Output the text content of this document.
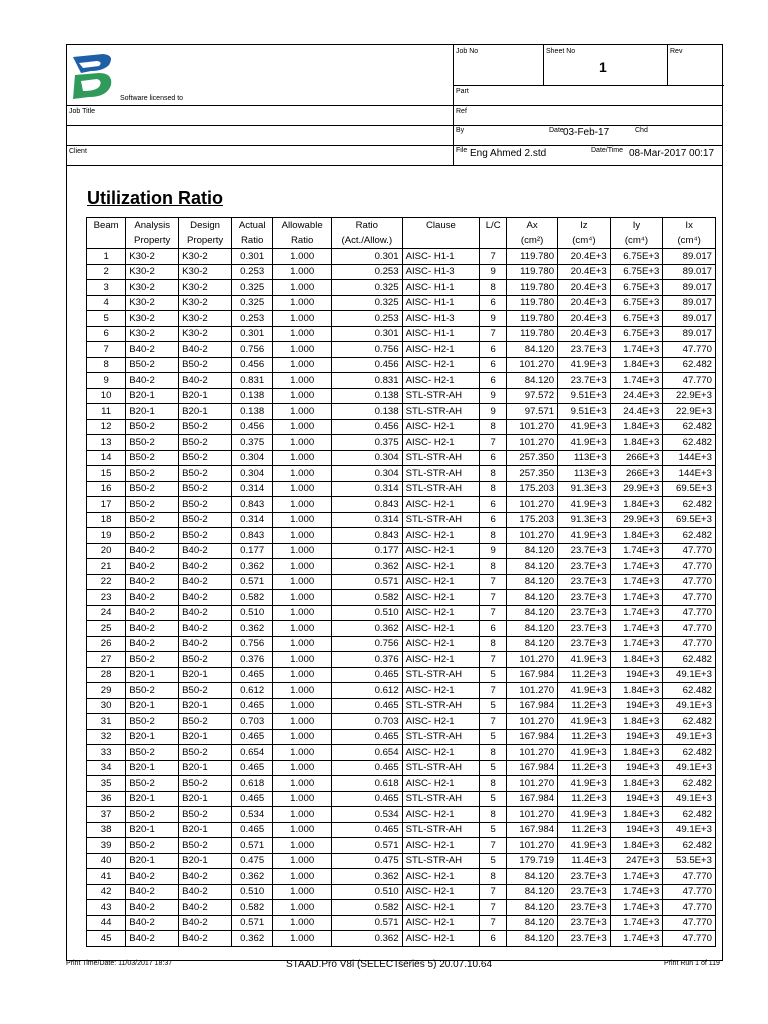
Software licensed to
Job Title
Client
Job No	Sheet No
1
Rev
Part
Ref
By	Date 03-Feb-17	Chd
File Eng Ahmed 2.std	Date/Time 08-Mar-2017 00:17
Utilization Ratio
Beam	Analysis	Design	Actual	Allowable	Ratio	Clause	L/C	Ax	Iz	Iy	Ix
	Property	Property	Ratio	Ratio	(Act./Allow.)			(cm²)	(cm⁴)	(cm⁴)	(cm⁴)
1	K30-2	K30-2	0.301	1.000	0.301	AISC- H1-1	7	119.780	20.4E+3	6.75E+3	89.017
2	K30-2	K30-2	0.253	1.000	0.253	AISC- H1-3	9	119.780	20.4E+3	6.75E+3	89.017
3	K30-2	K30-2	0.325	1.000	0.325	AISC- H1-1	8	119.780	20.4E+3	6.75E+3	89.017
4	K30-2	K30-2	0.325	1.000	0.325	AISC- H1-1	6	119.780	20.4E+3	6.75E+3	89.017
5	K30-2	K30-2	0.253	1.000	0.253	AISC- H1-3	9	119.780	20.4E+3	6.75E+3	89.017
6	K30-2	K30-2	0.301	1.000	0.301	AISC- H1-1	7	119.780	20.4E+3	6.75E+3	89.017
7	B40-2	B40-2	0.756	1.000	0.756	AISC- H2-1	6	84.120	23.7E+3	1.74E+3	47.770
8	B50-2	B50-2	0.456	1.000	0.456	AISC- H2-1	6	101.270	41.9E+3	1.84E+3	62.482
9	B40-2	B40-2	0.831	1.000	0.831	AISC- H2-1	6	84.120	23.7E+3	1.74E+3	47.770
10	B20-1	B20-1	0.138	1.000	0.138	STL-STR-AH	9	97.572	9.51E+3	24.4E+3	22.9E+3
11	B20-1	B20-1	0.138	1.000	0.138	STL-STR-AH	9	97.571	9.51E+3	24.4E+3	22.9E+3
12	B50-2	B50-2	0.456	1.000	0.456	AISC- H2-1	8	101.270	41.9E+3	1.84E+3	62.482
13	B50-2	B50-2	0.375	1.000	0.375	AISC- H2-1	7	101.270	41.9E+3	1.84E+3	62.482
14	B50-2	B50-2	0.304	1.000	0.304	STL-STR-AH	6	257.350	113E+3	266E+3	144E+3
15	B50-2	B50-2	0.304	1.000	0.304	STL-STR-AH	8	257.350	113E+3	266E+3	144E+3
16	B50-2	B50-2	0.314	1.000	0.314	STL-STR-AH	8	175.203	91.3E+3	29.9E+3	69.5E+3
17	B50-2	B50-2	0.843	1.000	0.843	AISC- H2-1	6	101.270	41.9E+3	1.84E+3	62.482
18	B50-2	B50-2	0.314	1.000	0.314	STL-STR-AH	6	175.203	91.3E+3	29.9E+3	69.5E+3
19	B50-2	B50-2	0.843	1.000	0.843	AISC- H2-1	8	101.270	41.9E+3	1.84E+3	62.482
20	B40-2	B40-2	0.177	1.000	0.177	AISC- H2-1	9	84.120	23.7E+3	1.74E+3	47.770
21	B40-2	B40-2	0.362	1.000	0.362	AISC- H2-1	8	84.120	23.7E+3	1.74E+3	47.770
22	B40-2	B40-2	0.571	1.000	0.571	AISC- H2-1	7	84.120	23.7E+3	1.74E+3	47.770
23	B40-2	B40-2	0.582	1.000	0.582	AISC- H2-1	7	84.120	23.7E+3	1.74E+3	47.770
24	B40-2	B40-2	0.510	1.000	0.510	AISC- H2-1	7	84.120	23.7E+3	1.74E+3	47.770
25	B40-2	B40-2	0.362	1.000	0.362	AISC- H2-1	6	84.120	23.7E+3	1.74E+3	47.770
26	B40-2	B40-2	0.756	1.000	0.756	AISC- H2-1	8	84.120	23.7E+3	1.74E+3	47.770
27	B50-2	B50-2	0.376	1.000	0.376	AISC- H2-1	7	101.270	41.9E+3	1.84E+3	62.482
28	B20-1	B20-1	0.465	1.000	0.465	STL-STR-AH	5	167.984	11.2E+3	194E+3	49.1E+3
29	B50-2	B50-2	0.612	1.000	0.612	AISC- H2-1	7	101.270	41.9E+3	1.84E+3	62.482
30	B20-1	B20-1	0.465	1.000	0.465	STL-STR-AH	5	167.984	11.2E+3	194E+3	49.1E+3
31	B50-2	B50-2	0.703	1.000	0.703	AISC- H2-1	7	101.270	41.9E+3	1.84E+3	62.482
32	B20-1	B20-1	0.465	1.000	0.465	STL-STR-AH	5	167.984	11.2E+3	194E+3	49.1E+3
33	B50-2	B50-2	0.654	1.000	0.654	AISC- H2-1	8	101.270	41.9E+3	1.84E+3	62.482
34	B20-1	B20-1	0.465	1.000	0.465	STL-STR-AH	5	167.984	11.2E+3	194E+3	49.1E+3
35	B50-2	B50-2	0.618	1.000	0.618	AISC- H2-1	8	101.270	41.9E+3	1.84E+3	62.482
36	B20-1	B20-1	0.465	1.000	0.465	STL-STR-AH	5	167.984	11.2E+3	194E+3	49.1E+3
37	B50-2	B50-2	0.534	1.000	0.534	AISC- H2-1	8	101.270	41.9E+3	1.84E+3	62.482
38	B20-1	B20-1	0.465	1.000	0.465	STL-STR-AH	5	167.984	11.2E+3	194E+3	49.1E+3
39	B50-2	B50-2	0.571	1.000	0.571	AISC- H2-1	7	101.270	41.9E+3	1.84E+3	62.482
40	B20-1	B20-1	0.475	1.000	0.475	STL-STR-AH	5	179.719	11.4E+3	247E+3	53.5E+3
41	B40-2	B40-2	0.362	1.000	0.362	AISC- H2-1	8	84.120	23.7E+3	1.74E+3	47.770
42	B40-2	B40-2	0.510	1.000	0.510	AISC- H2-1	7	84.120	23.7E+3	1.74E+3	47.770
43	B40-2	B40-2	0.582	1.000	0.582	AISC- H2-1	7	84.120	23.7E+3	1.74E+3	47.770
44	B40-2	B40-2	0.571	1.000	0.571	AISC- H2-1	7	84.120	23.7E+3	1.74E+3	47.770
45	B40-2	B40-2	0.362	1.000	0.362	AISC- H2-1	6	84.120	23.7E+3	1.74E+3	47.770
Print Time/Date: 11/03/2017 18:37	STAAD.Pro V8i (SELECTseries 5) 20.07.10.64	Print Run 1 of 119
